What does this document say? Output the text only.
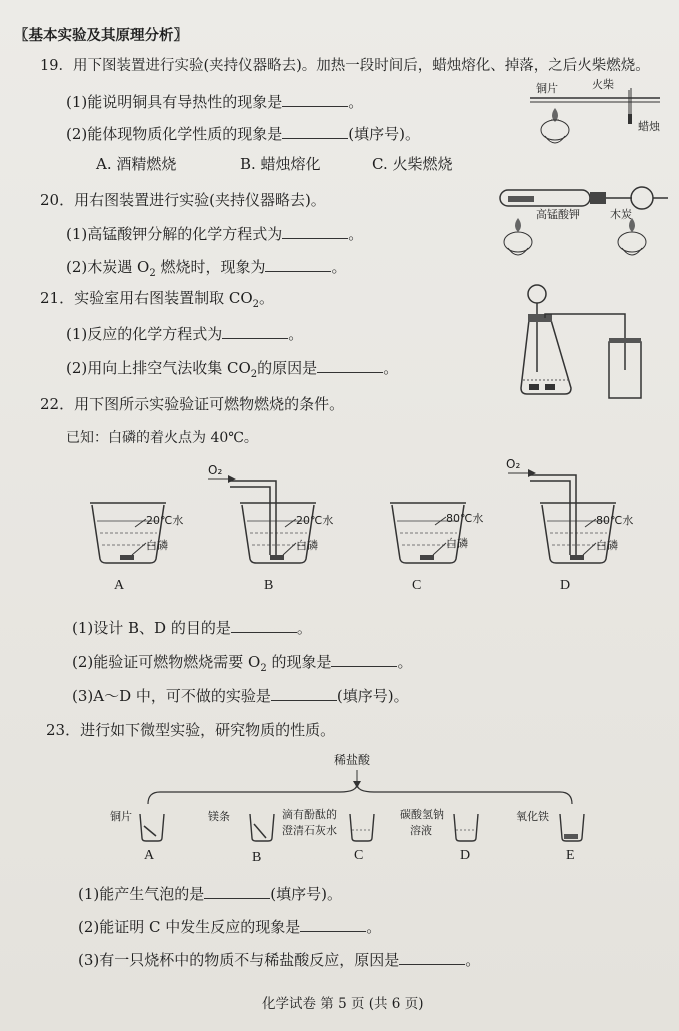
〖基本实验及其原理分析〗
19．用下图装置进行实验(夹持仪器略去)。加热一段时间后，蜡烛熔化、掉落，之后火柴燃烧。
(1)能说明铜具有导热性的现象是	。
(2)能体现物质化学性质的现象是	(填序号)。
A. 酒精燃烧	B. 蜡烛熔化	C. 火柴燃烧
铜片	火柴
蜡烛
20．用右图装置进行实验(夹持仪器略去)。
(1)高锰酸钾分解的化学方程式为	。
(2)木炭遇 $O_2$ 燃烧时，现象为	。
高锰酸钾	木炭
21．实验室用右图装置制取 $CO_2$。
(1)反应的化学方程式为	。
(2)用向上排空气法收集 $CO_2$的原因是	。
22．用下图所示实验验证可燃物燃烧的条件。
已知：白磷的着火点为 40℃。
O₂	O₂
20℃水
白磷
20℃水
白磷
80℃水
白磷
80℃水
白磷
A	B	C	D
(1)设计 B、D 的目的是	。
(2)能验证可燃物燃烧需要 $O_2$ 的现象是	。
(3)A～D 中，可不做的实验是	(填序号)。
23．进行如下微型实验，研究物质的性质。
稀盐酸
铜片	镁条	滴有酚酞的
澄清石灰水
碳酸氢钠
溶液
氧化铁
A	B	C	D	E
(1)能产生气泡的是	(填序号)。
(2)能证明 C 中发生反应的现象是	。
(3)有一只烧杯中的物质不与稀盐酸反应，原因是	。
化学试卷 第 5 页 (共 6 页)
